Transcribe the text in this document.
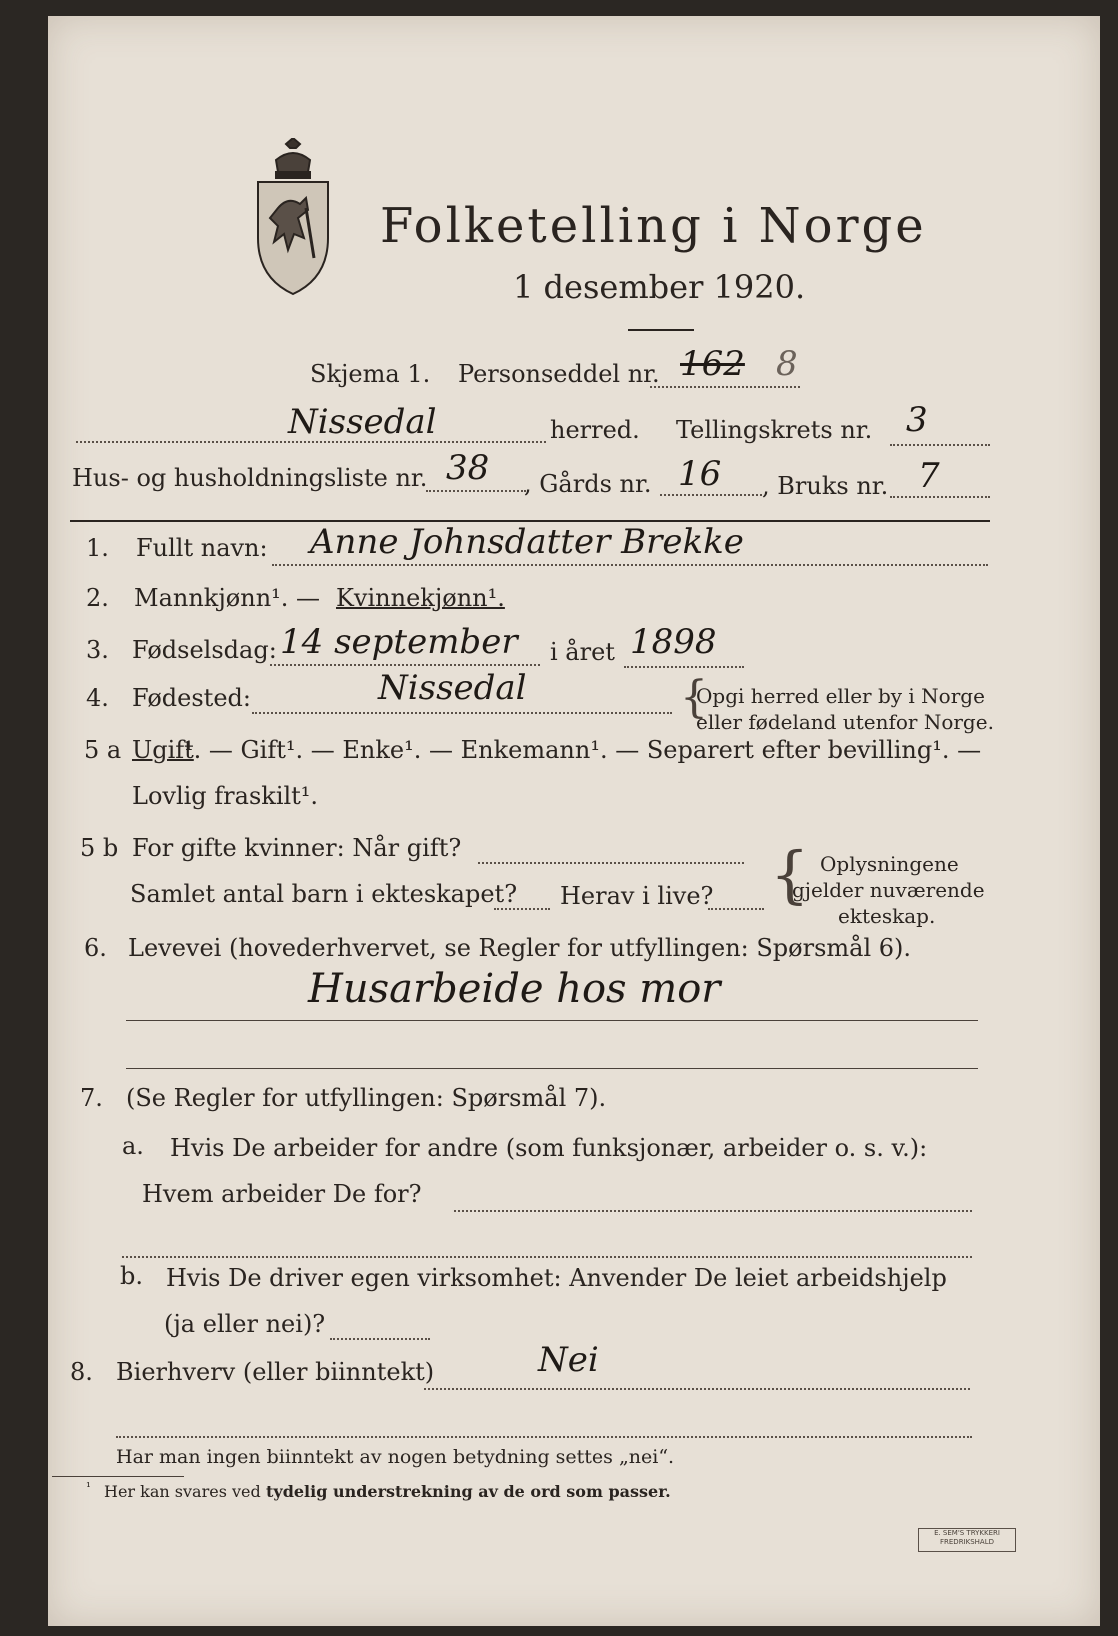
Folketelling i Norge
1 desember 1920.
Skjema 1. Personseddel nr. 162 8
Nissedal	herred. Tellingskrets nr. 3
Hus- og husholdningsliste nr. 38 , Gårds nr. 16 , Bruks nr. 7
1. Fullt navn: Anne Johnsdatter Brekke
2. Mannkjønn¹. — Kvinnekjønn¹.
3. Fødselsdag: 14 september i året 1898
4. Fødested:	Nissedal	{
Opgi herred eller by i Norge
eller fødeland utenfor Norge.
5 a Ugift
¹. — Gift¹. — Enke¹. — Enkemann¹. — Separert efter bevilling¹. —
Lovlig fraskilt¹.
5 b For gifte kvinner: Når gift?
Samlet antal barn i ekteskapet? Herav i live? { Oplysningene
gjelder nuværende
ekteskap.
6. Levevei (hovederhvervet, se Regler for utfyllingen: Spørsmål 6).
Husarbeide hos mor
7. (Se Regler for utfyllingen: Spørsmål 7).
a. Hvis De arbeider for andre (som funksjonær, arbeider o. s. v.):
Hvem arbeider De for?
b. Hvis De driver egen virksomhet: Anvender De leiet arbeidshjelp
(ja eller nei)?
8. Bierhverv (eller biinntekt)	Nei
Har man ingen biinntekt av nogen betydning settes „nei“.
¹ Her kan svares ved tydelig understrekning av de ord som passer.
E. SEM'S TRYKKERI
FREDRIKSHALD
